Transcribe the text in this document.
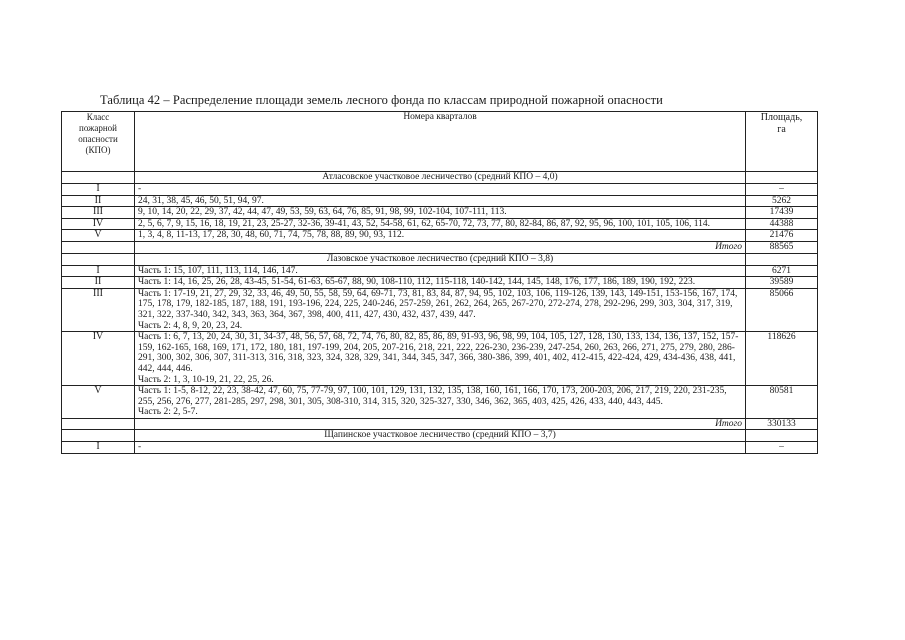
Таблица 42 – Распределение площади земель лесного фонда по классам природной пожарной опасности
Класс
пожарной
опасности
(КПО)	Номера кварталов	Площадь,
га

	Атласовское участковое лесничество (средний КПО – 4,0)	
I	-	–
II	24, 31, 38, 45, 46, 50, 51, 94, 97.	5262
III	9, 10, 14, 20, 22, 29, 37, 42, 44, 47, 49, 53, 59, 63, 64, 76, 85, 91, 98, 99, 102-104, 107-111, 113.	17439
IV	2, 5, 6, 7, 9, 15, 16, 18, 19, 21, 23, 25-27, 32-36, 39-41, 43, 52, 54-58, 61, 62, 65-70, 72, 73, 77, 80, 82-84, 86, 87, 92, 95, 96, 100, 101, 105, 106, 114.	44388
V	1, 3, 4, 8, 11-13, 17, 28, 30, 48, 60, 71, 74, 75, 78, 88, 89, 90, 93, 112.	21476
	Итого	88565
	Лазовское участковое лесничество (средний КПО – 3,8)	
I	Часть 1: 15, 107, 111, 113, 114, 146, 147.	6271
II	Часть 1: 14, 16, 25, 26, 28, 43-45, 51-54, 61-63, 65-67, 88, 90, 108-110, 112, 115-118, 140-142, 144, 145, 148, 176, 177, 186, 189, 190, 192, 223.	39589
III	Часть 1: 17-19, 21, 27, 29, 32, 33, 46, 49, 50, 55, 58, 59, 64, 69-71, 73, 81, 83, 84, 87, 94, 95, 102, 103, 106, 119-126, 139, 143, 149-151, 153-156, 167, 174, 175, 178, 179, 182-185, 187, 188, 191, 193-196, 224, 225, 240-246, 257-259, 261, 262, 264, 265, 267-270, 272-274, 278, 292-296, 299, 303, 304, 317, 319, 321, 322, 337-340, 342, 343, 363, 364, 367, 398, 400, 411, 427, 430, 432, 437, 439, 447.
Часть 2: 4, 8, 9, 20, 23, 24.	85066
IV	Часть 1: 6, 7, 13, 20, 24, 30, 31, 34-37, 48, 56, 57, 68, 72, 74, 76, 80, 82, 85, 86, 89, 91-93, 96, 98, 99, 104, 105, 127, 128, 130, 133, 134, 136, 137, 152, 157-159, 162-165, 168, 169, 171, 172, 180, 181, 197-199, 204, 205, 207-216, 218, 221, 222, 226-230, 236-239, 247-254, 260, 263, 266, 271, 275, 279, 280, 286-291, 300, 302, 306, 307, 311-313, 316, 318, 323, 324, 328, 329, 341, 344, 345, 347, 366, 380-386, 399, 401, 402, 412-415, 422-424, 429, 434-436, 438, 441, 442, 444, 446.
Часть 2: 1, 3, 10-19, 21, 22, 25, 26.	118626
V	Часть 1: 1-5, 8-12, 22, 23, 38-42, 47, 60, 75, 77-79, 97, 100, 101, 129, 131, 132, 135, 138, 160, 161, 166, 170, 173, 200-203, 206, 217, 219, 220, 231-235, 255, 256, 276, 277, 281-285, 297, 298, 301, 305, 308-310, 314, 315, 320, 325-327, 330, 346, 362, 365, 403, 425, 426, 433, 440, 443, 445.
Часть 2: 2, 5-7.	80581
	Итого	330133
	Щапинское участковое лесничество (средний КПО – 3,7)	
I	-	–
